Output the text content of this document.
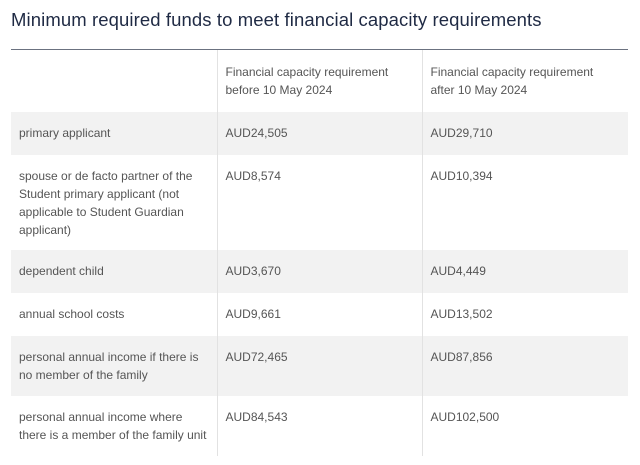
Minimum required funds to meet financial capacity requirements
	Financial capacity requirement before 10 May 2024	Financial capacity requirement after 10 May 2024
primary applicant	AUD24,505	AUD29,710
spouse or de facto partner of the Student primary applicant (not applicable to Student Guardian applicant)	AUD8,574	AUD10,394
dependent child	AUD3,670	AUD4,449
annual school costs	AUD9,661	AUD13,502
personal annual income if there is no member of the family	AUD72,465	AUD87,856
personal annual income where there is a member of the family unit	AUD84,543	AUD102,500
